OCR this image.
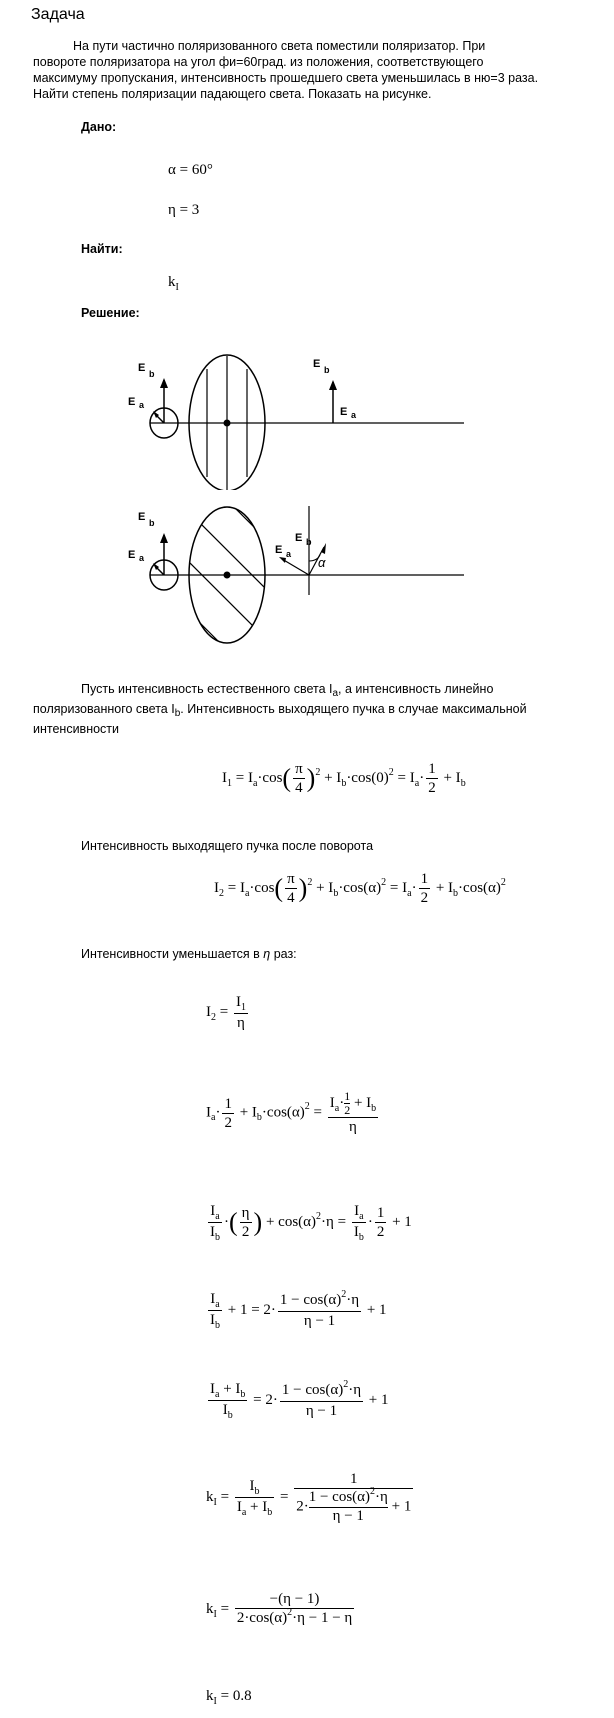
Задача
На пути частично поляризованного света поместили поляризатор. При
повороте поляризатора на угол фи=60град. из положения, соответствующего
максимуму пропускания, интенсивность прошедшего света уменьшилась в ню=3 раза.
Найти степень поляризации падающего света. Показать на рисунке.
Дано:
α = 60°
η = 3
Найти:
$k_I$
Решение:
E b
E a
E b
E a
E b
E a
E b
E a
α
Пусть интенсивность естественного света $I_a$, а интенсивность линейно
поляризованного света $I_b$. Интенсивность выходящего пучка в случае максимальной
интенсивности
$I_1 = I_a\cdot\cos( \frac{\pi}{4} )^2 + I_b\cdot\cos(0)^2 = I_a\cdot \frac{1}{2} + I_b$
Интенсивность выходящего пучка после поворота
$I_2 = I_a\cdot\cos( \frac{\pi}{4} )^2 + I_b\cdot\cos(\alpha)^2 = I_a\cdot \frac{1}{2} + I_b\cdot\cos(\alpha)^2$
Интенсивности уменьшается в η раз:
$I_2 = \frac{I_1}{\eta}$
$I_a\cdot \frac{1}{2} + I_b\cdot\cos(\alpha)^2 = \frac{I_a\cdot \frac{1}{2} + I_b}{\eta}$
$\frac{I_a}{I_b}$ ·( $\frac{\eta}{2}$ ) + $\cos(\alpha)^2\cdot\eta = \frac{I_a}{I_b} \cdot \frac{1}{2} + 1$
$\frac{I_a}{I_b} + 1 = 2\cdot \frac{1 - \cos(\alpha)^2\cdot\eta}{\eta - 1} + 1$
$\frac{I_a + I_b}{I_b} = 2\cdot \frac{1 - \cos(\alpha)^2\cdot\eta}{\eta - 1} + 1$
$k_I = \frac{I_b}{I_a + I_b} = \frac{1}{2\cdot \frac{1 - \cos(\alpha)^2\cdot\eta}{\eta - 1} + 1}$
$k_I = \frac{-(\eta - 1)}{2\cdot\cos(\alpha)^2\cdot\eta - 1 - \eta}$
$k_I = 0.8$
